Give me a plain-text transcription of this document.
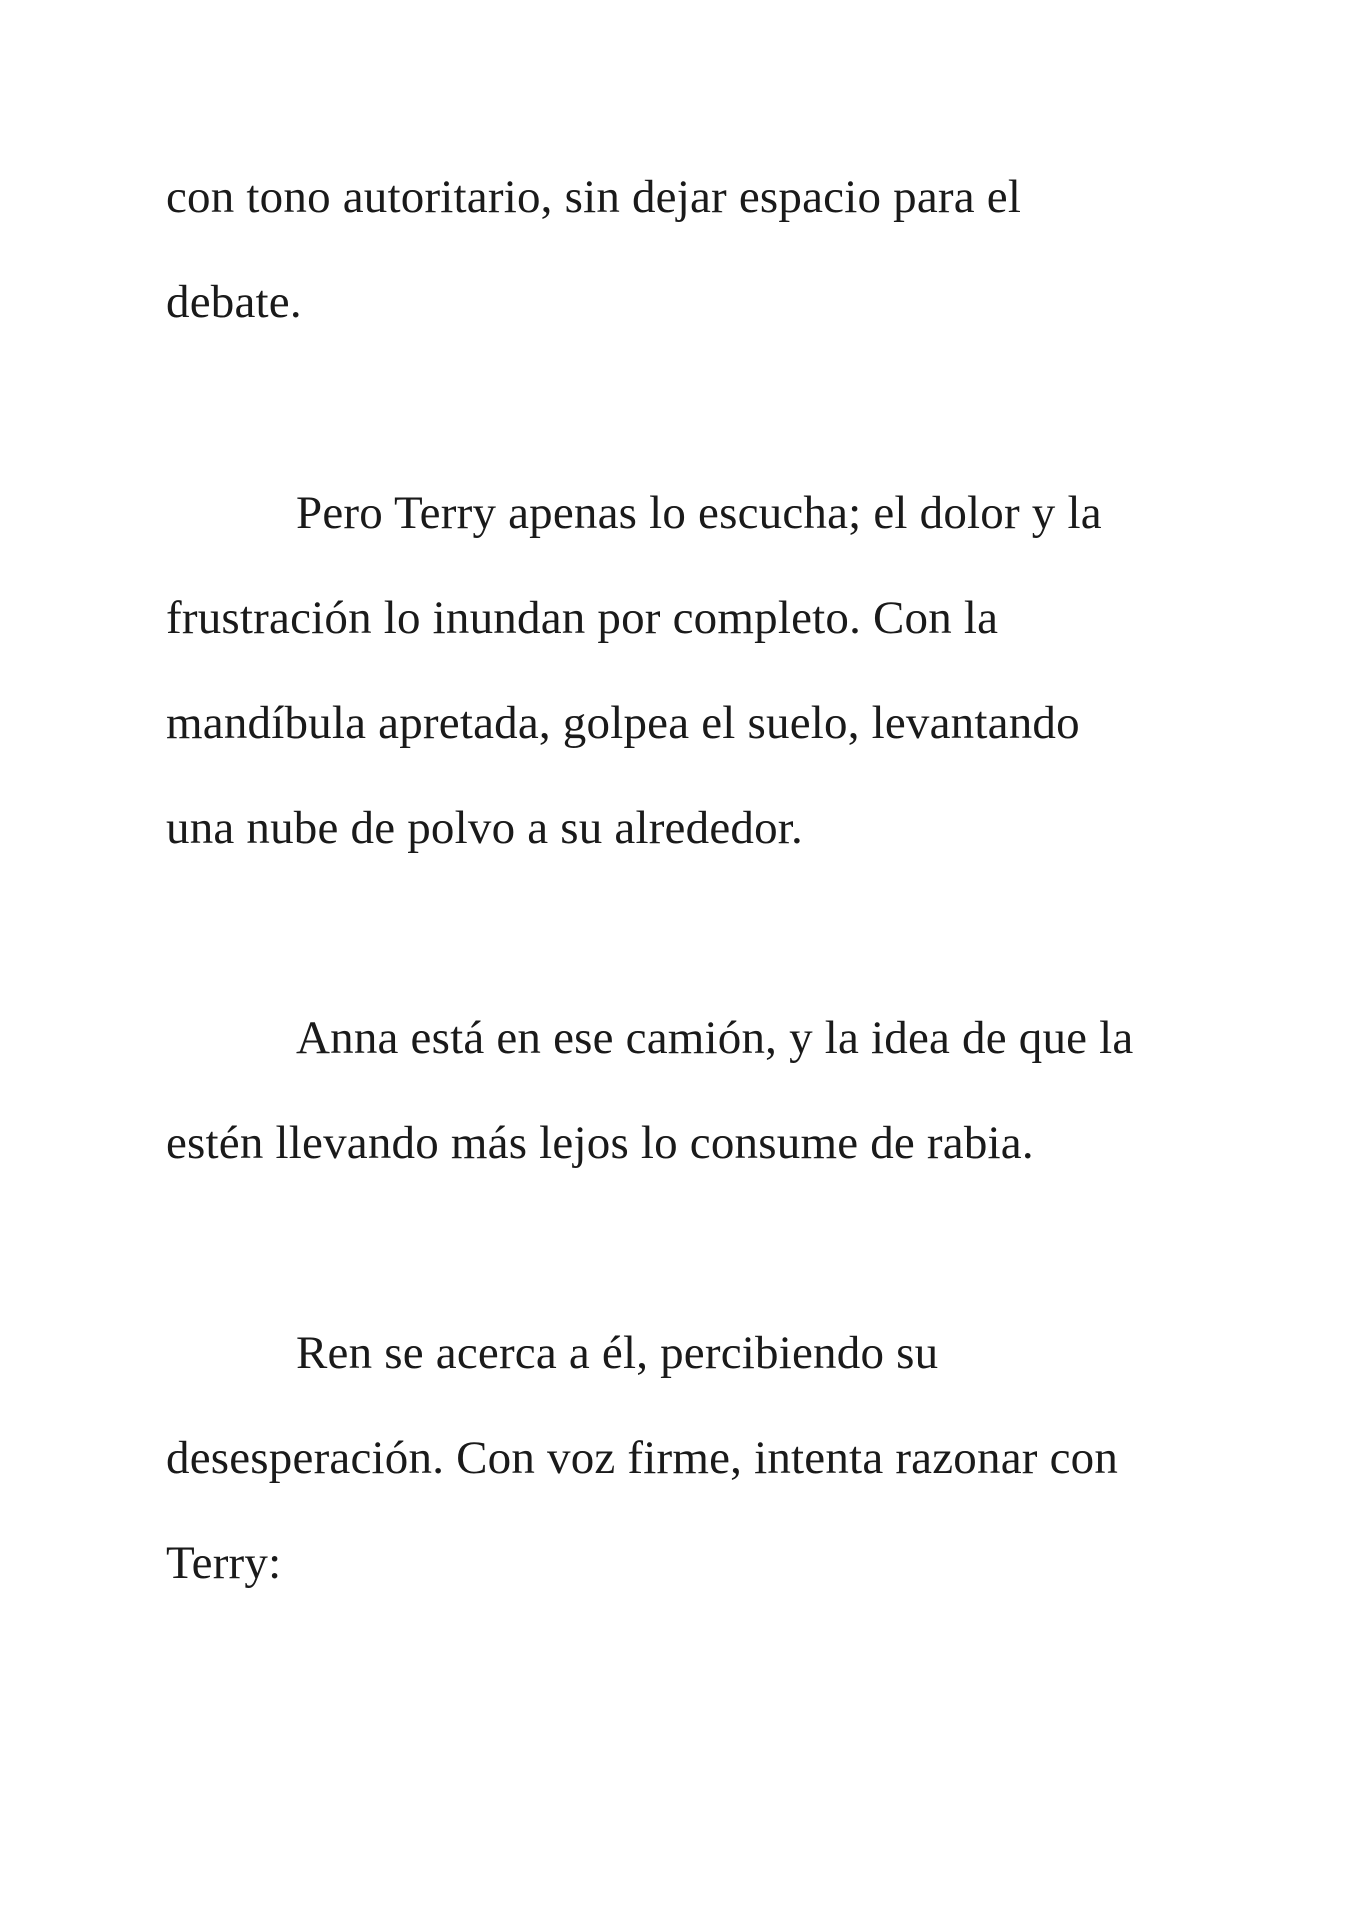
con tono autoritario, sin dejar espacio para el
debate.
Pero Terry apenas lo escucha; el dolor y la
frustración lo inundan por completo. Con la
mandíbula apretada, golpea el suelo, levantando
una nube de polvo a su alrededor.
Anna está en ese camión, y la idea de que la
estén llevando más lejos lo consume de rabia.
Ren se acerca a él, percibiendo su
desesperación. Con voz firme, intenta razonar con
Terry:
